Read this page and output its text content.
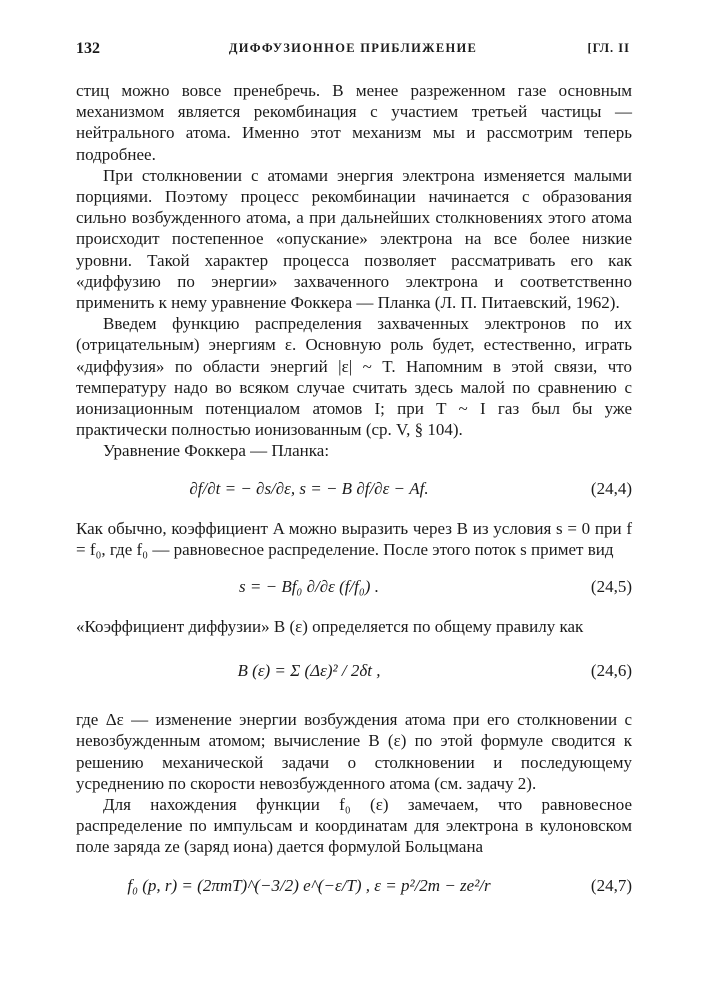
132	ДИФФУЗИОННОЕ ПРИБЛИЖЕНИЕ	[ГЛ. II

стиц можно вовсе пренебречь. В менее разреженном газе основным механизмом является рекомбинация с участием третьей частицы — нейтрального атома. Именно этот механизм мы и рассмотрим теперь подробнее.

При столкновении с атомами энергия электрона изменяется малыми порциями. Поэтому процесс рекомбинации начинается с образования сильно возбужденного атома, а при дальнейших столкновениях этого атома происходит постепенное «опускание» электрона на все более низкие уровни. Такой характер процесса позволяет рассматривать его как «диффузию по энергии» захваченного электрона и соответственно применить к нему уравнение Фоккера — Планка (Л. П. Питаевский, 1962).

Введем функцию распределения захваченных электронов по их (отрицательным) энергиям ε. Основную роль будет, естественно, играть «диффузия» по области энергий |ε| ~ T. Напомним в этой связи, что температуру надо во всяком случае считать здесь малой по сравнению с ионизационным потенциалом атомов I; при T ~ I газ был бы уже практически полностью ионизованным (ср. V, § 104).

Уравнение Фоккера — Планка:

∂f/∂t = − ∂s/∂ε, s = − B ∂f/∂ε − Af.	(24,4)

Как обычно, коэффициент A можно выразить через B из условия s = 0 при f = f₀, где f₀ — равновесное распределение. После этого поток s примет вид

s = − Bf₀ ∂/∂ε (f/f₀) .	(24,5)

«Коэффициент диффузии» B (ε) определяется по общему правилу как

B (ε) = Σ (Δε)² / 2δt ,	(24,6)

где Δε — изменение энергии возбуждения атома при его столкновении с невозбужденным атомом; вычисление B (ε) по этой формуле сводится к решению механической задачи о столкновении и последующему усреднению по скорости невозбужденного атома (см. задачу 2).

Для нахождения функции f₀ (ε) замечаем, что равновесное распределение по импульсам и координатам для электрона в кулоновском поле заряда ze (заряд иона) дается формулой Больцмана

f₀ (p, r) = (2πmT)^(−3/2) e^(−ε/T) , ε = p²/2m − ze²/r	(24,7)
